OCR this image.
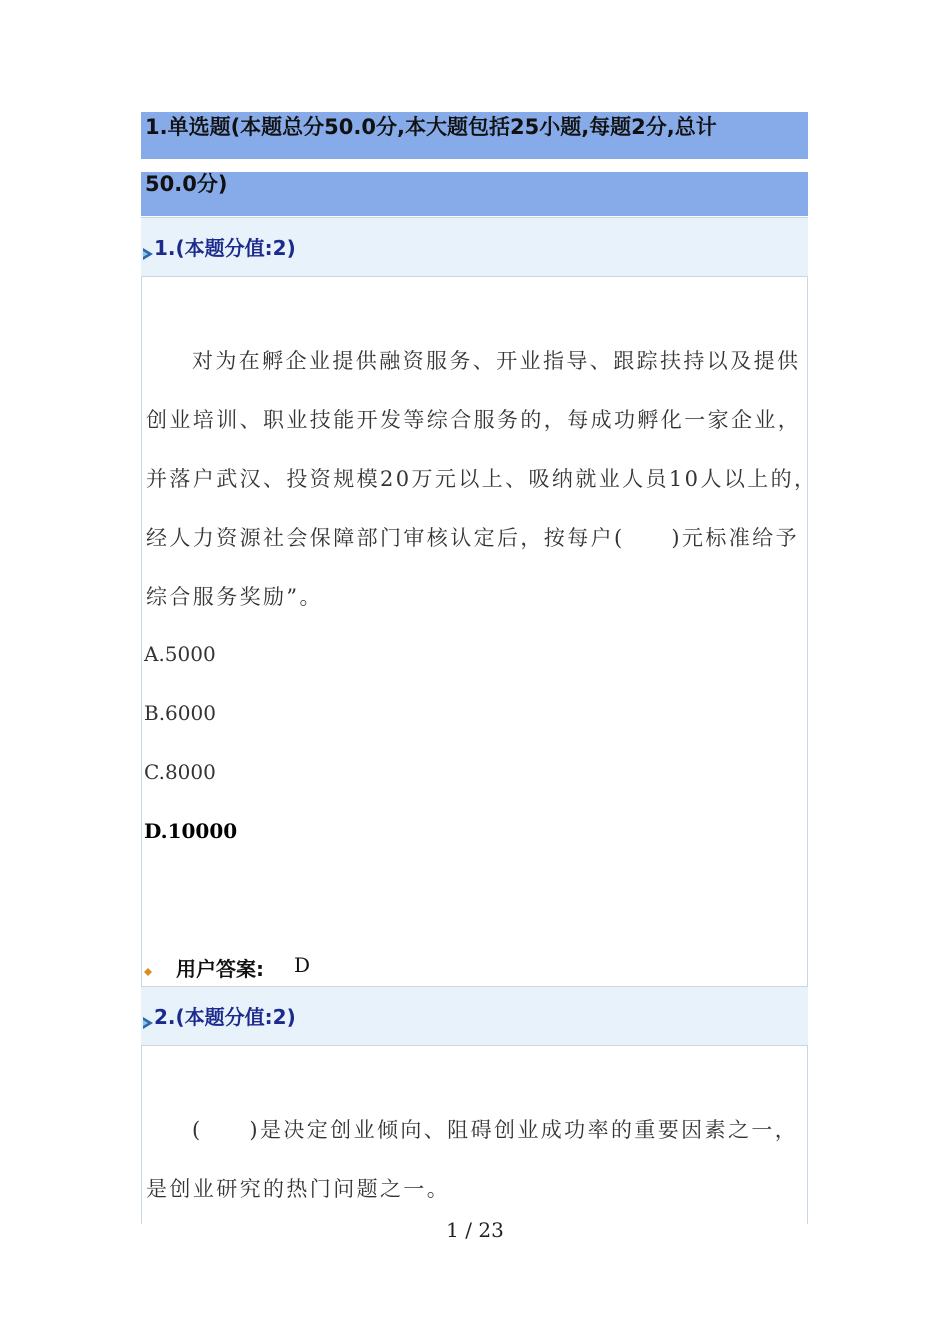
1.单选题(本题总分50.0分,本大题包括25小题,每题2分,总计
50.0分)
1.(本题分值:2)
对为在孵企业提供融资服务、开业指导、跟踪扶持以及提供
创业培训、职业技能开发等综合服务的，每成功孵化一家企业，
并落户武汉、投资规模20万元以上、吸纳就业人员10人以上的，
经人力资源社会保障部门审核认定后，按每户(　　)元标准给予
综合服务奖励”。
A.5000
B.6000
C.8000
D.10000
用户答案: D
2.(本题分值:2)
(　　)是决定创业倾向、阻碍创业成功率的重要因素之一，
是创业研究的热门问题之一。
1 / 23
